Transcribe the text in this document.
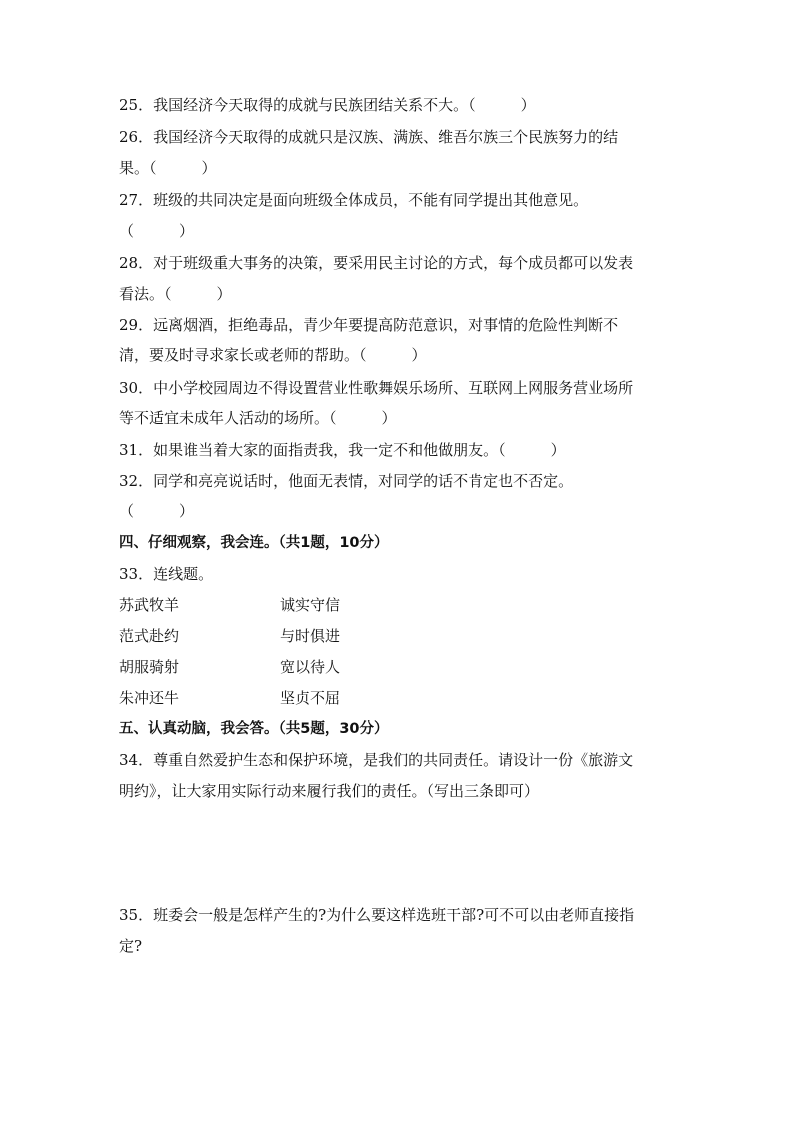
25．我国经济今天取得的成就与民族团结关系不大。（　　　）
26．我国经济今天取得的成就只是汉族、满族、维吾尔族三个民族努力的结
果。（　　　）
27．班级的共同决定是面向班级全体成员，不能有同学提出其他意见。
（　　　）
28．对于班级重大事务的决策，要采用民主讨论的方式，每个成员都可以发表
看法。（　　　）
29．远离烟酒，拒绝毒品，青少年要提高防范意识，对事情的危险性判断不
清，要及时寻求家长或老师的帮助。（　　　）
30．中小学校园周边不得设置营业性歌舞娱乐场所、互联网上网服务营业场所
等不适宜未成年人活动的场所。（　　　）
31．如果谁当着大家的面指责我，我一定不和他做朋友。（　　　）
32．同学和亮亮说话时，他面无表情，对同学的话不肯定也不否定。
（　　　）
四、仔细观察，我会连。（共1题，10分）
33．连线题。
苏武牧羊	诚实守信
范式赴约	与时俱进
胡服骑射	宽以待人
朱冲还牛	坚贞不屈
五、认真动脑，我会答。（共5题，30分）
34．尊重自然爱护生态和保护环境，是我们的共同责任。请设计一份《旅游文
明约》，让大家用实际行动来履行我们的责任。（写出三条即可）
35．班委会一般是怎样产生的?为什么要这样选班干部?可不可以由老师直接指
定?
